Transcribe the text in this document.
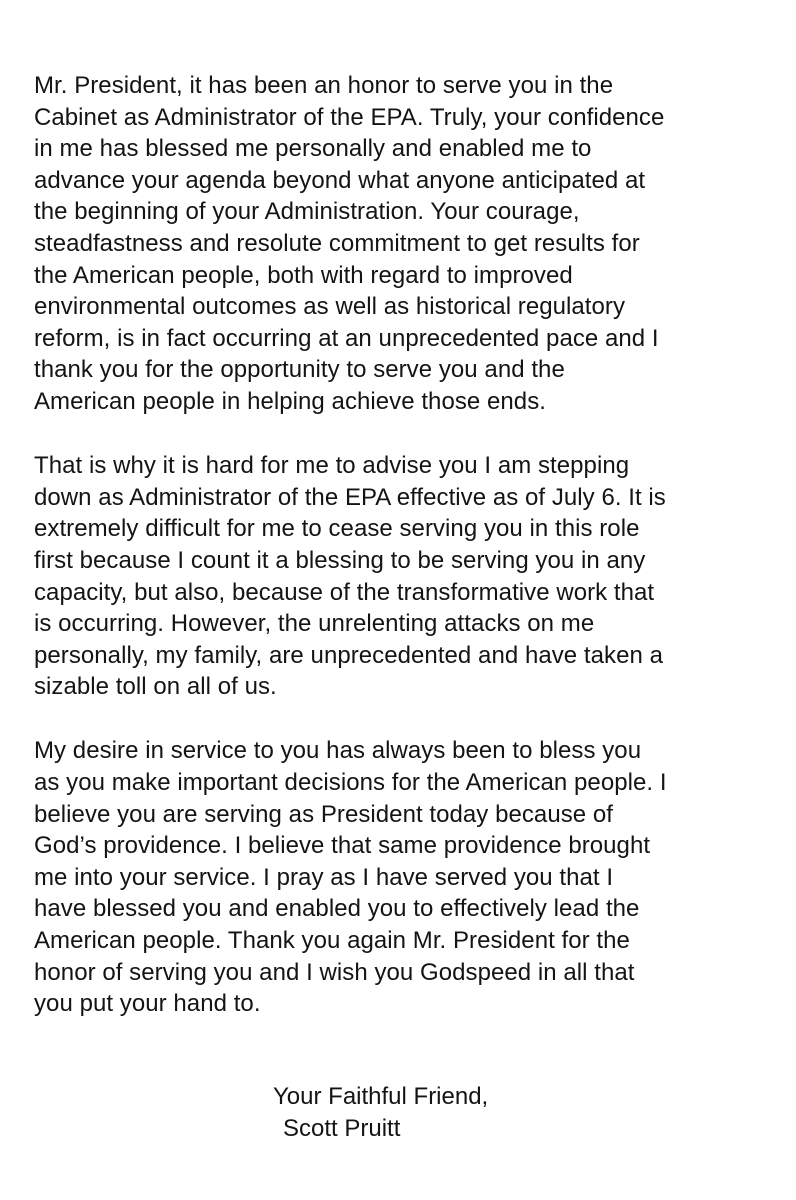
Mr. President, it has been an honor to serve you in the
Cabinet as Administrator of the EPA. Truly, your confidence
in me has blessed me personally and enabled me to
advance your agenda beyond what anyone anticipated at
the beginning of your Administration. Your courage,
steadfastness and resolute commitment to get results for
the American people, both with regard to improved
environmental outcomes as well as historical regulatory
reform, is in fact occurring at an unprecedented pace and I
thank you for the opportunity to serve you and the
American people in helping achieve those ends.
That is why it is hard for me to advise you I am stepping
down as Administrator of the EPA effective as of July 6. It is
extremely difficult for me to cease serving you in this role
first because I count it a blessing to be serving you in any
capacity, but also, because of the transformative work that
is occurring. However, the unrelenting attacks on me
personally, my family, are unprecedented and have taken a
sizable toll on all of us.
My desire in service to you has always been to bless you
as you make important decisions for the American people. I
believe you are serving as President today because of
God’s providence. I believe that same providence brought
me into your service. I pray as I have served you that I
have blessed you and enabled you to effectively lead the
American people. Thank you again Mr. President for the
honor of serving you and I wish you Godspeed in all that
you put your hand to.
Your Faithful Friend,
Scott Pruitt
